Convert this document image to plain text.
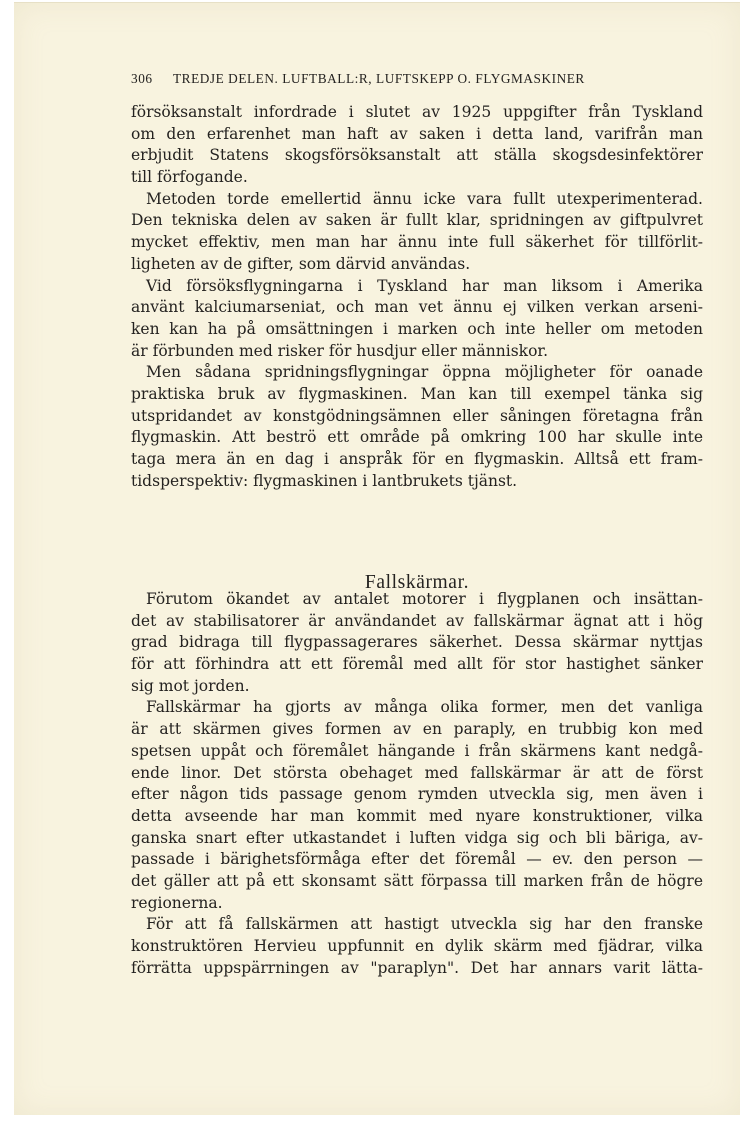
306 TREDJE DELEN. LUFTBALL:R, LUFTSKEPP O. FLYGMASKINER
försöksanstalt infordrade i slutet av 1925 uppgifter från Tyskland
om den erfarenhet man haft av saken i detta land, varifrån man
erbjudit Statens skogsförsöksanstalt att ställa skogsdesinfektörer
till förfogande.
Metoden torde emellertid ännu icke vara fullt utexperimenterad.
Den tekniska delen av saken är fullt klar, spridningen av giftpulvret
mycket effektiv, men man har ännu inte full säkerhet för tillförlit-
ligheten av de gifter, som därvid användas.
Vid försöksflygningarna i Tyskland har man liksom i Amerika
använt kalciumarseniat, och man vet ännu ej vilken verkan arseni-
ken kan ha på omsättningen i marken och inte heller om metoden
är förbunden med risker för husdjur eller människor.
Men sådana spridningsflygningar öppna möjligheter för oanade
praktiska bruk av flygmaskinen. Man kan till exempel tänka sig
utspridandet av konstgödningsämnen eller såningen företagna från
flygmaskin. Att beströ ett område på omkring 100 har skulle inte
taga mera än en dag i anspråk för en flygmaskin. Alltså ett fram-
tidsperspektiv: flygmaskinen i lantbrukets tjänst.
Fallskärmar.
Förutom ökandet av antalet motorer i flygplanen och insättan-
det av stabilisatorer är användandet av fallskärmar ägnat att i hög
grad bidraga till flygpassagerares säkerhet. Dessa skärmar nyttjas
för att förhindra att ett föremål med allt för stor hastighet sänker
sig mot jorden.
Fallskärmar ha gjorts av många olika former, men det vanliga
är att skärmen gives formen av en paraply, en trubbig kon med
spetsen uppåt och föremålet hängande i från skärmens kant nedgå-
ende linor. Det största obehaget med fallskärmar är att de först
efter någon tids passage genom rymden utveckla sig, men även i
detta avseende har man kommit med nyare konstruktioner, vilka
ganska snart efter utkastandet i luften vidga sig och bli bäriga, av-
passade i bärighetsförmåga efter det föremål — ev. den person —
det gäller att på ett skonsamt sätt förpassa till marken från de högre
regionerna.
För att få fallskärmen att hastigt utveckla sig har den franske
konstruktören Hervieu uppfunnit en dylik skärm med fjädrar, vilka
förrätta uppspärrningen av "paraplyn". Det har annars varit lätta-
